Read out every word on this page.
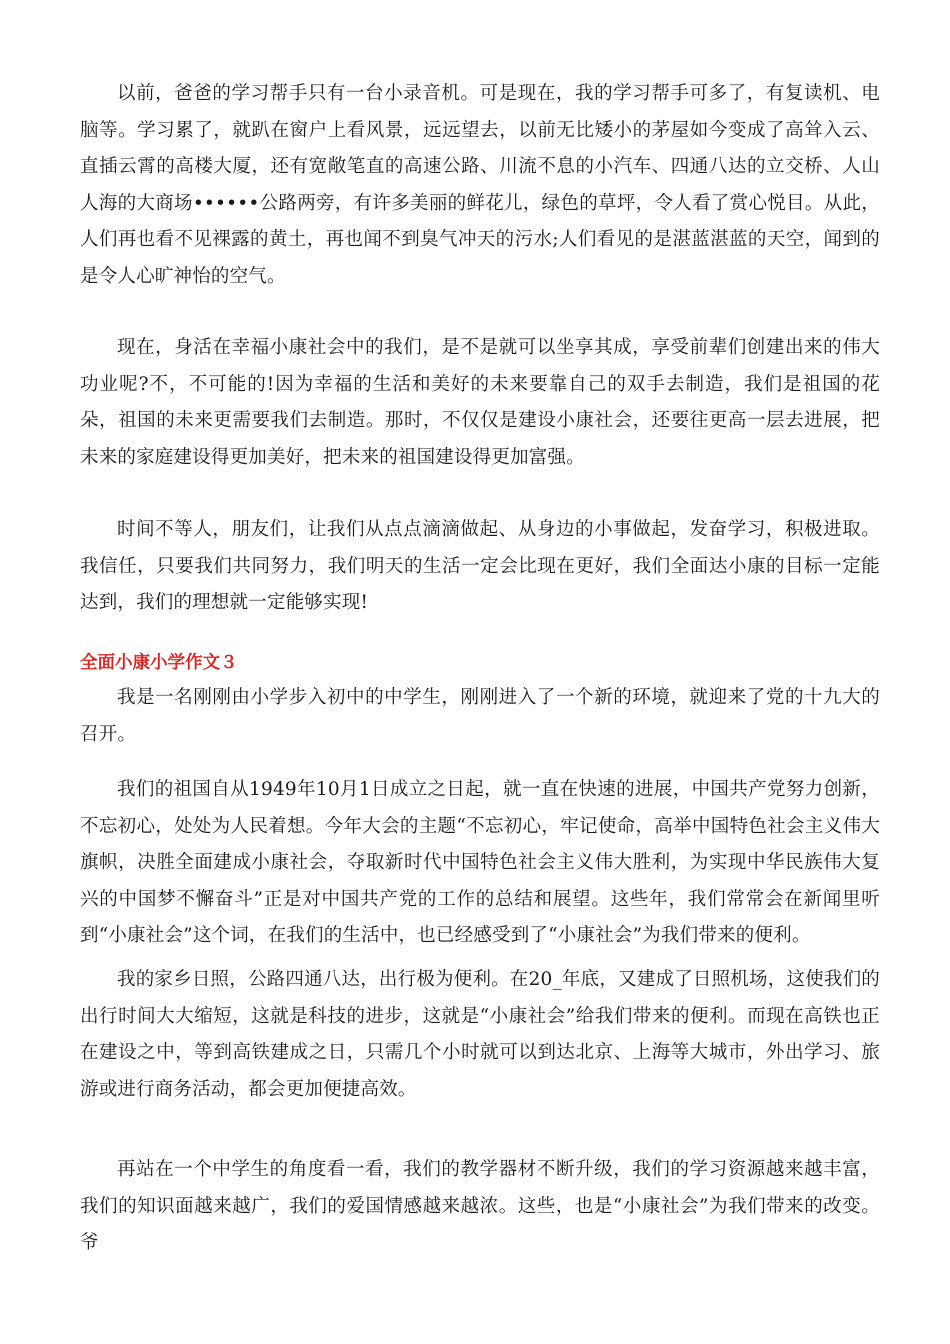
以前，爸爸的学习帮手只有一台小录音机。可是现在，我的学习帮手可多了，有复读机、电脑等。学习累了，就趴在窗户上看风景，远远望去，以前无比矮小的茅屋如今变成了高耸入云、直插云霄的高楼大厦，还有宽敞笔直的高速公路、川流不息的小汽车、四通八达的立交桥、人山人海的大商场••••••公路两旁，有许多美丽的鲜花儿，绿色的草坪，令人看了赏心悦目。从此，人们再也看不见裸露的黄土，再也闻不到臭气冲天的污水;人们看见的是湛蓝湛蓝的天空，闻到的是令人心旷神怡的空气。

现在，身活在幸福小康社会中的我们，是不是就可以坐享其成，享受前辈们创建出来的伟大功业呢?不，不可能的!因为幸福的生活和美好的未来要靠自己的双手去制造，我们是祖国的花朵，祖国的未来更需要我们去制造。那时，不仅仅是建设小康社会，还要往更高一层去进展，把未来的家庭建设得更加美好，把未来的祖国建设得更加富强。

时间不等人，朋友们，让我们从点点滴滴做起、从身边的小事做起，发奋学习，积极进取。我信任，只要我们共同努力，我们明天的生活一定会比现在更好，我们全面达小康的目标一定能达到，我们的理想就一定能够实现!

全面小康小学作文３

我是一名刚刚由小学步入初中的中学生，刚刚进入了一个新的环境，就迎来了党的十九大的召开。

我们的祖国自从1949年10月1日成立之日起，就一直在快速的进展，中国共产党努力创新，不忘初心，处处为人民着想。今年大会的主题“不忘初心，牢记使命，高举中国特色社会主义伟大旗帜，决胜全面建成小康社会，夺取新时代中国特色社会主义伟大胜利，为实现中华民族伟大复兴的中国梦不懈奋斗”正是对中国共产党的工作的总结和展望。这些年，我们常常会在新闻里听到“小康社会”这个词，在我们的生活中，也已经感受到了“小康社会”为我们带来的便利。

我的家乡日照，公路四通八达，出行极为便利。在20_年底，又建成了日照机场，这使我们的出行时间大大缩短，这就是科技的进步，这就是“小康社会”给我们带来的便利。而现在高铁也正在建设之中，等到高铁建成之日，只需几个小时就可以到达北京、上海等大城市，外出学习、旅游或进行商务活动，都会更加便捷高效。

再站在一个中学生的角度看一看，我们的教学器材不断升级，我们的学习资源越来越丰富，我们的知识面越来越广，我们的爱国情感越来越浓。这些，也是“小康社会”为我们带来的改变。爷
